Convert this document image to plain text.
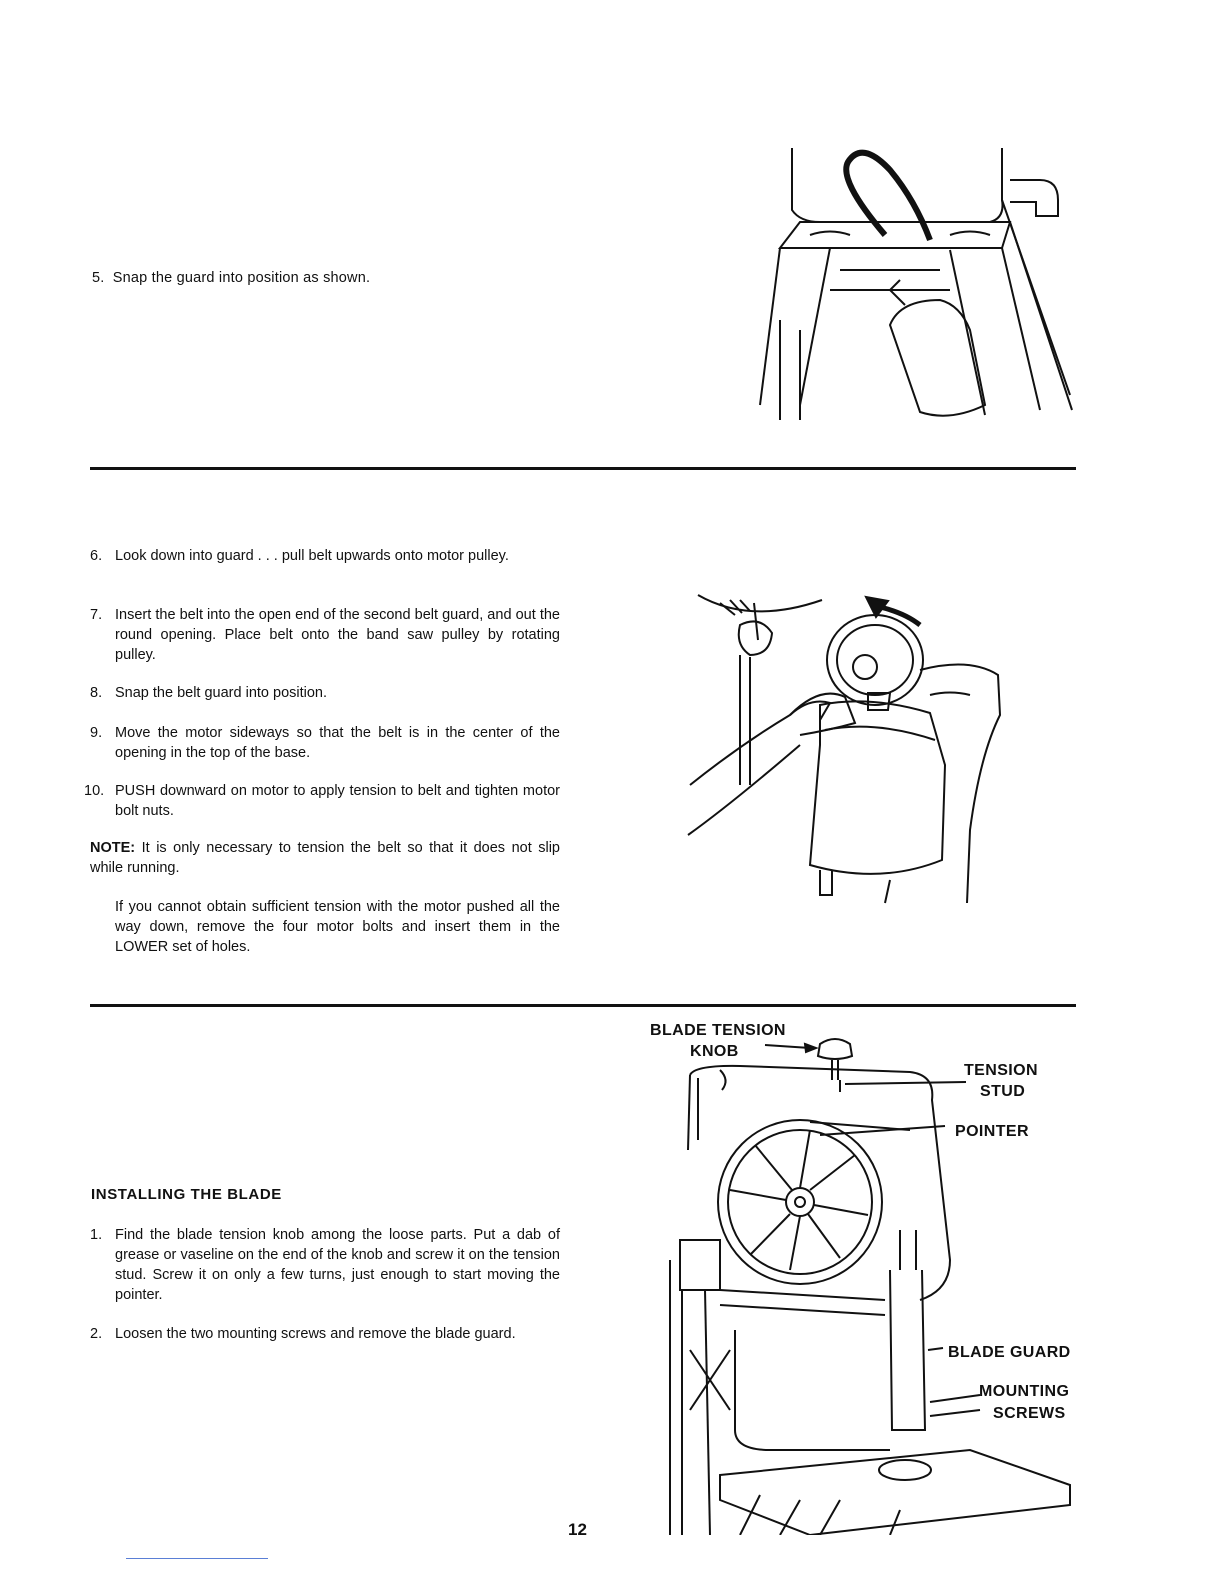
5. Snap the guard into position as shown.
6. Look down into guard . . . pull belt upwards onto motor pulley.
7. Insert the belt into the open end of the second belt guard, and out the round opening. Place belt onto the band saw pulley by rotating pulley.
8. Snap the belt guard into position.
9. Move the motor sideways so that the belt is in the center of the opening in the top of the base.
10. PUSH downward on motor to apply tension to belt and tighten motor bolt nuts.
NOTE: It is only necessary to tension the belt so that it does not slip while running.
If you cannot obtain sufficient tension with the motor pushed all the way down, remove the four motor bolts and insert them in the LOWER set of holes.
INSTALLING THE BLADE
1. Find the blade tension knob among the loose parts. Put a dab of grease or vaseline on the end of the knob and screw it on the tension stud. Screw it on only a few turns, just enough to start moving the pointer.
2. Loosen the two mounting screws and remove the blade guard.
BLADE TENSION
KNOB
TENSION
STUD
POINTER
BLADE GUARD
MOUNTING
SCREWS
12
